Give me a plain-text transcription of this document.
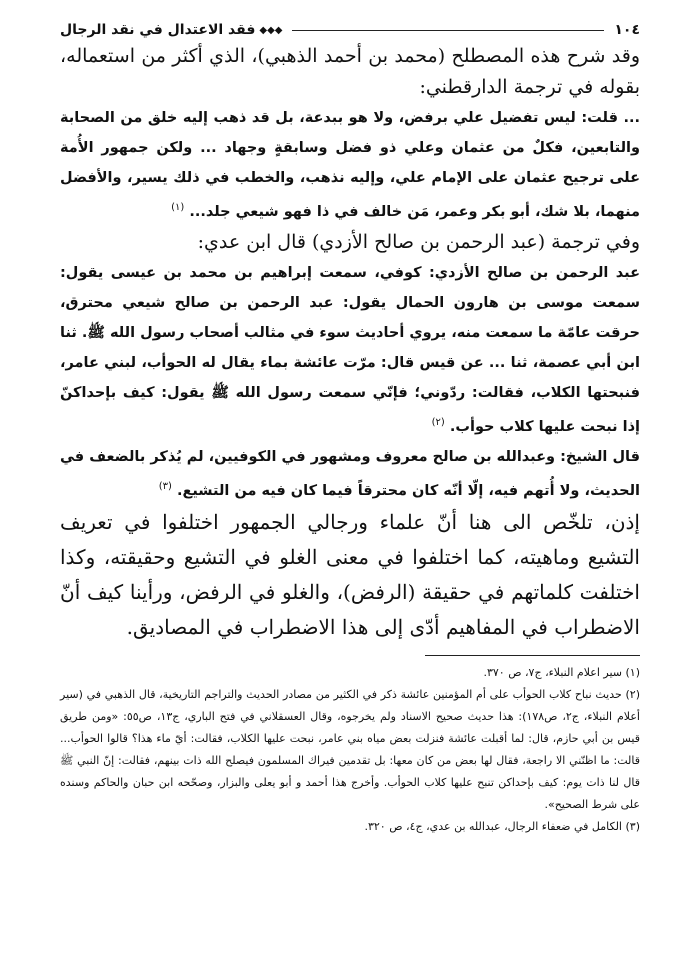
١٠٤
◆◆◆
فقد الاعتدال في نقد الرجال

وقد شرح هذه المصطلح (محمد بن أحمد الذهبي)، الذي أكثر من استعماله، بقوله في ترجمة الدارقطني:

... قلت: ليس تفضيل علي برفض، ولا هو ببدعة، بل قد ذهب إليه خلق من الصحابة والتابعين، فكلٌ من عثمان وعلي ذو فضل وسابقةٍ وجهاد ... ولكن جمهور الأُمة على ترجيح عثمان على الإمام علي، وإليه نذهب، والخطب في ذلك يسير، والأفضل منهما، بلا شك، أبو بكر وعمر، مَن خالف في ذا فهو شيعي جلد... $^{(١)}$

وفي ترجمة (عبد الرحمن بن صالح الأزدي) قال ابن عدي:

عبد الرحمن بن صالح الأزدي: كوفي، سمعت إبراهيم بن محمد بن عيسى يقول: سمعت موسى بن هارون الحمال يقول: عبد الرحمن بن صالح شيعي محترق، حرقت عامّة ما سمعت منه، يروي أحاديث سوء في مثالب أصحاب رسول الله ﷺ. ثنا ابن أبي عصمة، ثنا ... عن قيس قال: مرّت عائشة بماء يقال له الحوأب، لبني عامر، فنبحتها الكلاب، فقالت: ردّوني؛ فإنّي سمعت رسول الله ﷺ يقول: كيف بإحداكنّ إذا نبحت عليها كلاب حوأب. $^{(٢)}$

قال الشيخ: وعبدالله بن صالح معروف ومشهور في الكوفيين، لم يُذكر بالضعف في الحديث، ولا أُتهم فيه، إلّا أنّه كان محترقاً فيما كان فيه من التشيع. $^{(٣)}$

إذن، تلخّص الى هنا أنّ علماء ورجالي الجمهور اختلفوا في تعريف التشيع وماهيته، كما اختلفوا في معنى الغلو في التشيع وحقيقته، وكذا اختلفت كلماتهم في حقيقة (الرفض)، والغلو في الرفض، ورأينا كيف أنّ الاضطراب في المفاهيم أدّى إلى هذا الاضطراب في المصاديق.

(١) سير اعلام النبلاء، ج٧، ص ٣٧٠.

(٢) حديث نباح كلاب الحوأب على أم المؤمنين عائشة ذكر في الكثير من مصادر الحديث والتراجم التاريخية، قال الذهبي في (سير أعلام النبلاء، ج٢، ص١٧٨): هذا حديث صحيح الاسناد ولم يخرجوه، وقال العسقلاني في فتح الباري، ج١٣، ص٥٥: «ومن طريق قيس بن أبي حازم، قال: لما أقبلت عائشة فنزلت بعض مياه بني عامر، نبحت عليها الكلاب، فقالت: أيّ ماء هذا؟ قالوا الحوأب... قالت: ما اظنّني الا راجعة، فقال لها بعض من كان معها: بل تقدمين فيراك المسلمون فيصلح الله ذات بينهم، فقالت: إنّ النبي ﷺ قال لنا ذات يوم: كيف بإحداكن تنبح عليها كلاب الحوأب. وأخرج هذا أحمد و أبو يعلى والبزار، وصحّحه ابن حبان والحاكم وسنده على شرط الصحيح».

(٣) الكامل في ضعفاء الرجال، عبدالله بن عدي، ج٤، ص ٣٢٠.
